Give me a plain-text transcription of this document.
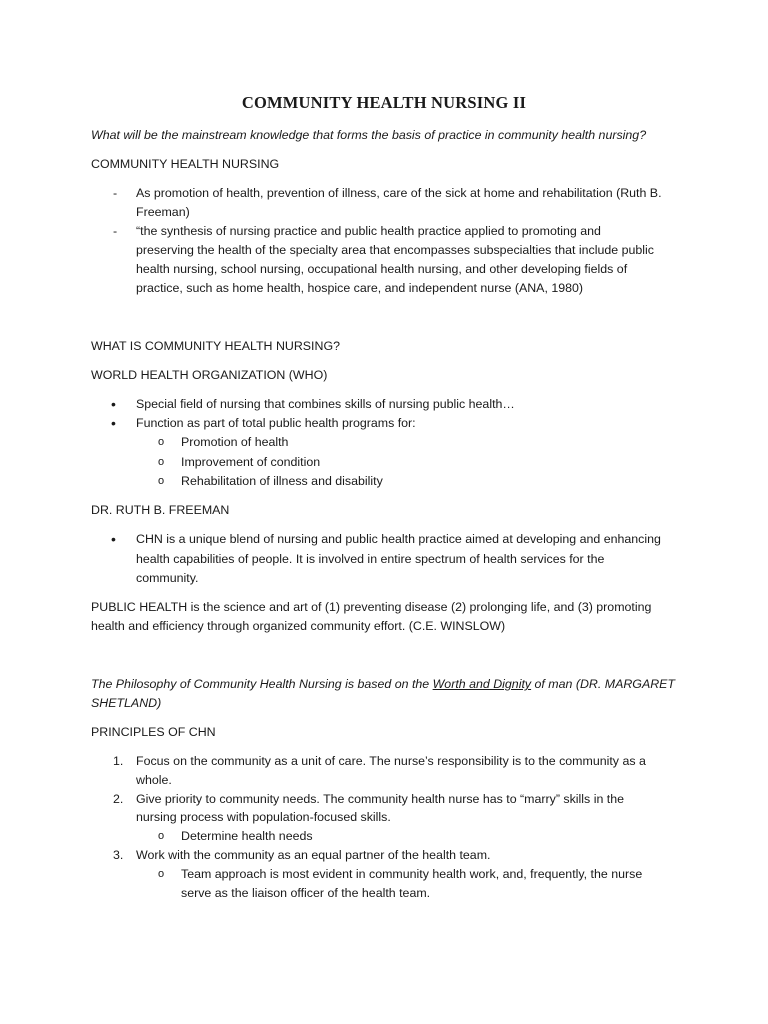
COMMUNITY HEALTH NURSING II

What will be the mainstream knowledge that forms the basis of practice in community health nursing?

COMMUNITY HEALTH NURSING

- As promotion of health, prevention of illness, care of the sick at home and rehabilitation (Ruth B.

Freeman)

- “the synthesis of nursing practice and public health practice applied to promoting and

preserving the health of the specialty area that encompasses subspecialties that include public

health nursing, school nursing, occupational health nursing, and other developing fields of

practice, such as home health, hospice care, and independent nurse (ANA, 1980)

WHAT IS COMMUNITY HEALTH NURSING?

WORLD HEALTH ORGANIZATION (WHO)

• Special field of nursing that combines skills of nursing public health…

• Function as part of total public health programs for:

o Promotion of health

o Improvement of condition

o Rehabilitation of illness and disability

DR. RUTH B. FREEMAN

• CHN is a unique blend of nursing and public health practice aimed at developing and enhancing

health capabilities of people. It is involved in entire spectrum of health services for the

community.

PUBLIC HEALTH is the science and art of (1) preventing disease (2) prolonging life, and (3) promoting

health and efficiency through organized community effort. (C.E. WINSLOW)

The Philosophy of Community Health Nursing is based on the Worth and Dignity of man (DR. MARGARET

SHETLAND)

PRINCIPLES OF CHN

1. Focus on the community as a unit of care. The nurse’s responsibility is to the community as a

whole.

2. Give priority to community needs. The community health nurse has to “marry” skills in the

nursing process with population-focused skills.

o Determine health needs

3. Work with the community as an equal partner of the health team.

o Team approach is most evident in community health work, and, frequently, the nurse

serve as the liaison officer of the health team.
